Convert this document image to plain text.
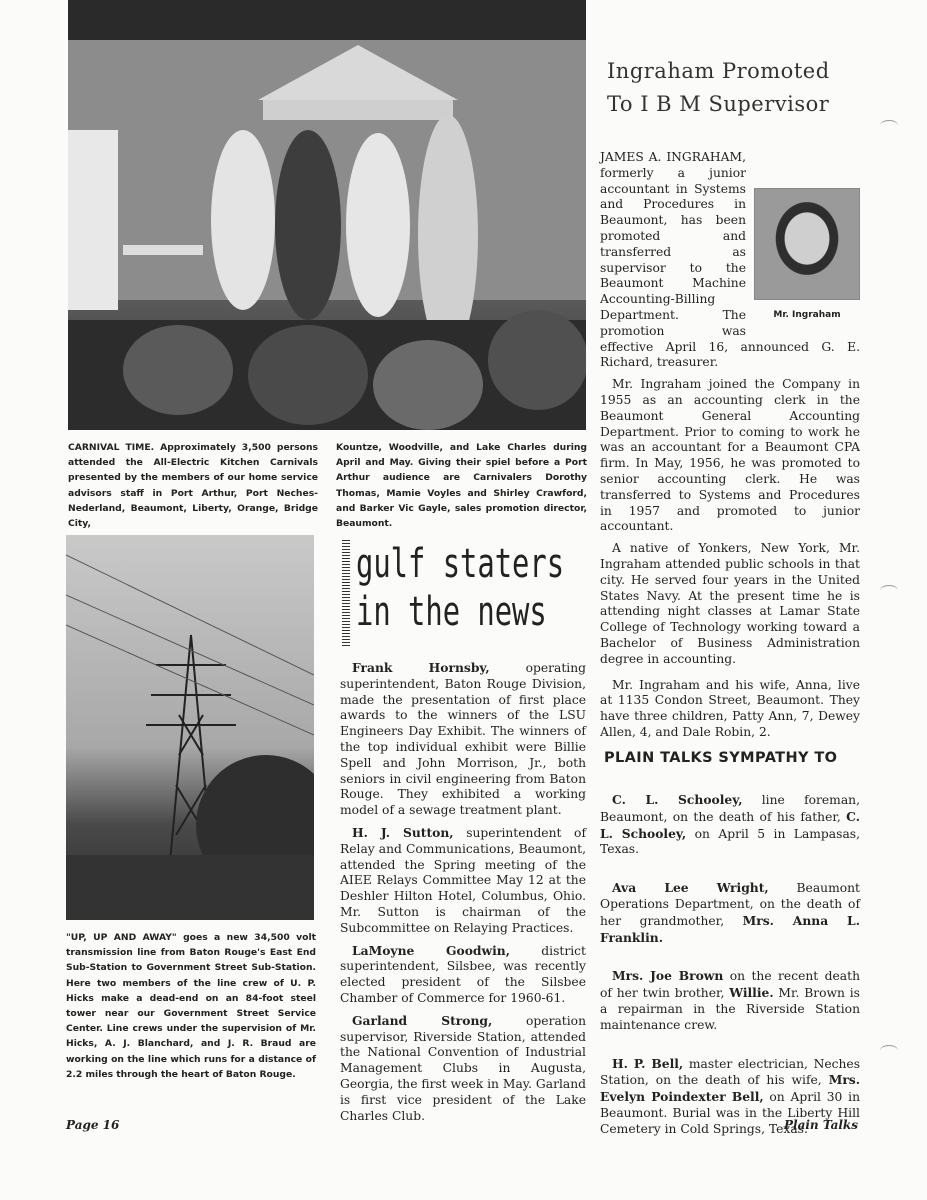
CARNIVAL TIME. Approximately 3,500 persons attended the All-Electric Kitchen Carnivals presented by the members of our home service advisors staff in Port Arthur, Port Neches-Nederland, Beaumont, Liberty, Orange, Bridge City,
Kountze, Woodville, and Lake Charles during April and May. Giving their spiel before a Port Arthur audience are Carnivalers Dorothy Thomas, Mamie Voyles and Shirley Crawford, and Barker Vic Gayle, sales promotion director, Beaumont.
"UP, UP AND AWAY" goes a new 34,500 volt transmission line from Baton Rouge's East End Sub-Station to Government Street Sub-Station. Here two members of the line crew of U. P. Hicks make a dead-end on an 84-foot steel tower near our Government Street Service Center. Line crews under the supervision of Mr. Hicks, A. J. Blanchard, and J. R. Braud are working on the line which runs for a distance of 2.2 miles through the heart of Baton Rouge.
gulf staters
in the news

Frank Hornsby, operating superintendent, Baton Rouge Division, made the presentation of first place awards to the winners of the LSU Engineers Day Exhibit. The winners of the top individual exhibit were Billie Spell and John Morrison, Jr., both seniors in civil engineering from Baton Rouge. They exhibited a working model of a sewage treatment plant.

H. J. Sutton, superintendent of Relay and Communications, Beaumont, attended the Spring meeting of the AIEE Relays Committee May 12 at the Deshler Hilton Hotel, Columbus, Ohio. Mr. Sutton is chairman of the Subcommittee on Relaying Practices.

LaMoyne Goodwin, district superintendent, Silsbee, was recently elected president of the Silsbee Chamber of Commerce for 1960-61.

Garland Strong, operation supervisor, Riverside Station, attended the National Convention of Industrial Management Clubs in Augusta, Georgia, the first week in May. Garland is first vice president of the Lake Charles Club.

Ingraham Promoted
To I B M Supervisor
Mr. Ingraham

JAMES A. INGRAHAM, formerly a junior accountant in Systems and Procedures in Beaumont, has been promoted and transferred as supervisor to the Beaumont Machine Accounting-Billing Department. The promotion was effective April 16, announced G. E. Richard, treasurer.

Mr. Ingraham joined the Company in 1955 as an accounting clerk in the Beaumont General Accounting Department. Prior to coming to work he was an accountant for a Beaumont CPA firm. In May, 1956, he was promoted to senior accounting clerk. He was transferred to Systems and Procedures in 1957 and promoted to junior accountant.

A native of Yonkers, New York, Mr. Ingraham attended public schools in that city. He served four years in the United States Navy. At the present time he is attending night classes at Lamar State College of Technology working toward a Bachelor of Business Administration degree in accounting.

Mr. Ingraham and his wife, Anna, live at 1135 Condon Street, Beaumont. They have three children, Patty Ann, 7, Dewey Allen, 4, and Dale Robin, 2.

PLAIN TALKS SYMPATHY TO

C. L. Schooley, line foreman, Beaumont, on the death of his father, C. L. Schooley, on April 5 in Lampasas, Texas.

Ava Lee Wright, Beaumont Operations Department, on the death of her grandmother, Mrs. Anna L. Franklin.

Mrs. Joe Brown on the recent death of her twin brother, Willie. Mr. Brown is a repairman in the Riverside Station maintenance crew.

H. P. Bell, master electrician, Neches Station, on the death of his wife, Mrs. Evelyn Poindexter Bell, on April 30 in Beaumont. Burial was in the Liberty Hill Cemetery in Cold Springs, Texas.

Page 16	Plain Talks
